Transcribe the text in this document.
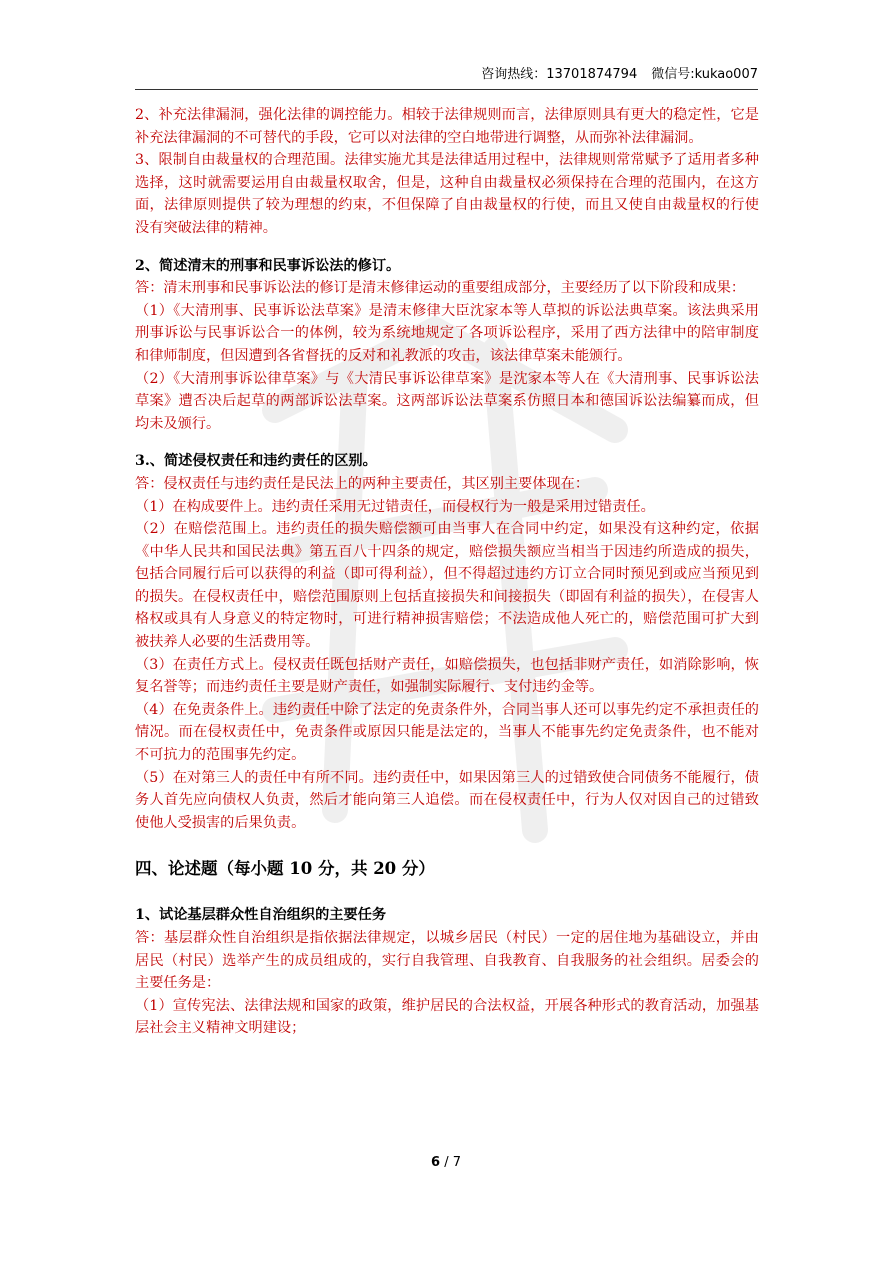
咨询热线：13701874794 微信号:kukao007

2、补充法律漏洞，强化法律的调控能力。相较于法律规则而言，法律原则具有更大的稳定性，它是补充法律漏洞的不可替代的手段，它可以对法律的空白地带进行调整，从而弥补法律漏洞。

3、限制自由裁量权的合理范围。法律实施尤其是法律适用过程中，法律规则常常赋予了适用者多种选择，这时就需要运用自由裁量权取舍，但是，这种自由裁量权必须保持在合理的范围内，在这方面，法律原则提供了较为理想的约束，不但保障了自由裁量权的行使，而且又使自由裁量权的行使没有突破法律的精神。

2、简述清末的刑事和民事诉讼法的修订。

答：清末刑事和民事诉讼法的修订是清末修律运动的重要组成部分，主要经历了以下阶段和成果：

（1）《大清刑事、民事诉讼法草案》是清末修律大臣沈家本等人草拟的诉讼法典草案。该法典采用刑事诉讼与民事诉讼合一的体例，较为系统地规定了各项诉讼程序，采用了西方法律中的陪审制度和律师制度，但因遭到各省督抚的反对和礼教派的攻击，该法律草案未能颁行。

（2）《大清刑事诉讼律草案》与《大清民事诉讼律草案》是沈家本等人在《大清刑事、民事诉讼法草案》遭否决后起草的两部诉讼法草案。这两部诉讼法草案系仿照日本和德国诉讼法编纂而成，但均未及颁行。

3.、简述侵权责任和违约责任的区别。

答：侵权责任与违约责任是民法上的两种主要责任，其区别主要体现在：

（1）在构成要件上。违约责任采用无过错责任，而侵权行为一般是采用过错责任。

（2）在赔偿范围上。违约责任的损失赔偿额可由当事人在合同中约定，如果没有这种约定，依据《中华人民共和国民法典》第五百八十四条的规定，赔偿损失额应当相当于因违约所造成的损失，包括合同履行后可以获得的利益（即可得利益），但不得超过违约方订立合同时预见到或应当预见到的损失。在侵权责任中，赔偿范围原则上包括直接损失和间接损失（即固有利益的损失），在侵害人格权或具有人身意义的特定物时，可进行精神损害赔偿；不法造成他人死亡的，赔偿范围可扩大到被扶养人必要的生活费用等。

（3）在责任方式上。侵权责任既包括财产责任，如赔偿损失，也包括非财产责任，如消除影响，恢复名誉等；而违约责任主要是财产责任，如强制实际履行、支付违约金等。

（4）在免责条件上。违约责任中除了法定的免责条件外，合同当事人还可以事先约定不承担责任的情况。而在侵权责任中，免责条件或原因只能是法定的，当事人不能事先约定免责条件，也不能对不可抗力的范围事先约定。

（5）在对第三人的责任中有所不同。违约责任中，如果因第三人的过错致使合同债务不能履行，债务人首先应向债权人负责，然后才能向第三人追偿。而在侵权责任中，行为人仅对因自己的过错致使他人受损害的后果负责。

四、论述题（每小题 10 分，共 20 分）

1、试论基层群众性自治组织的主要任务

答：基层群众性自治组织是指依据法律规定，以城乡居民（村民）一定的居住地为基础设立，并由居民（村民）选举产生的成员组成的，实行自我管理、自我教育、自我服务的社会组织。居委会的主要任务是：

（1）宣传宪法、法律法规和国家的政策，维护居民的合法权益，开展各种形式的教育活动，加强基层社会主义精神文明建设；

6 / 7
